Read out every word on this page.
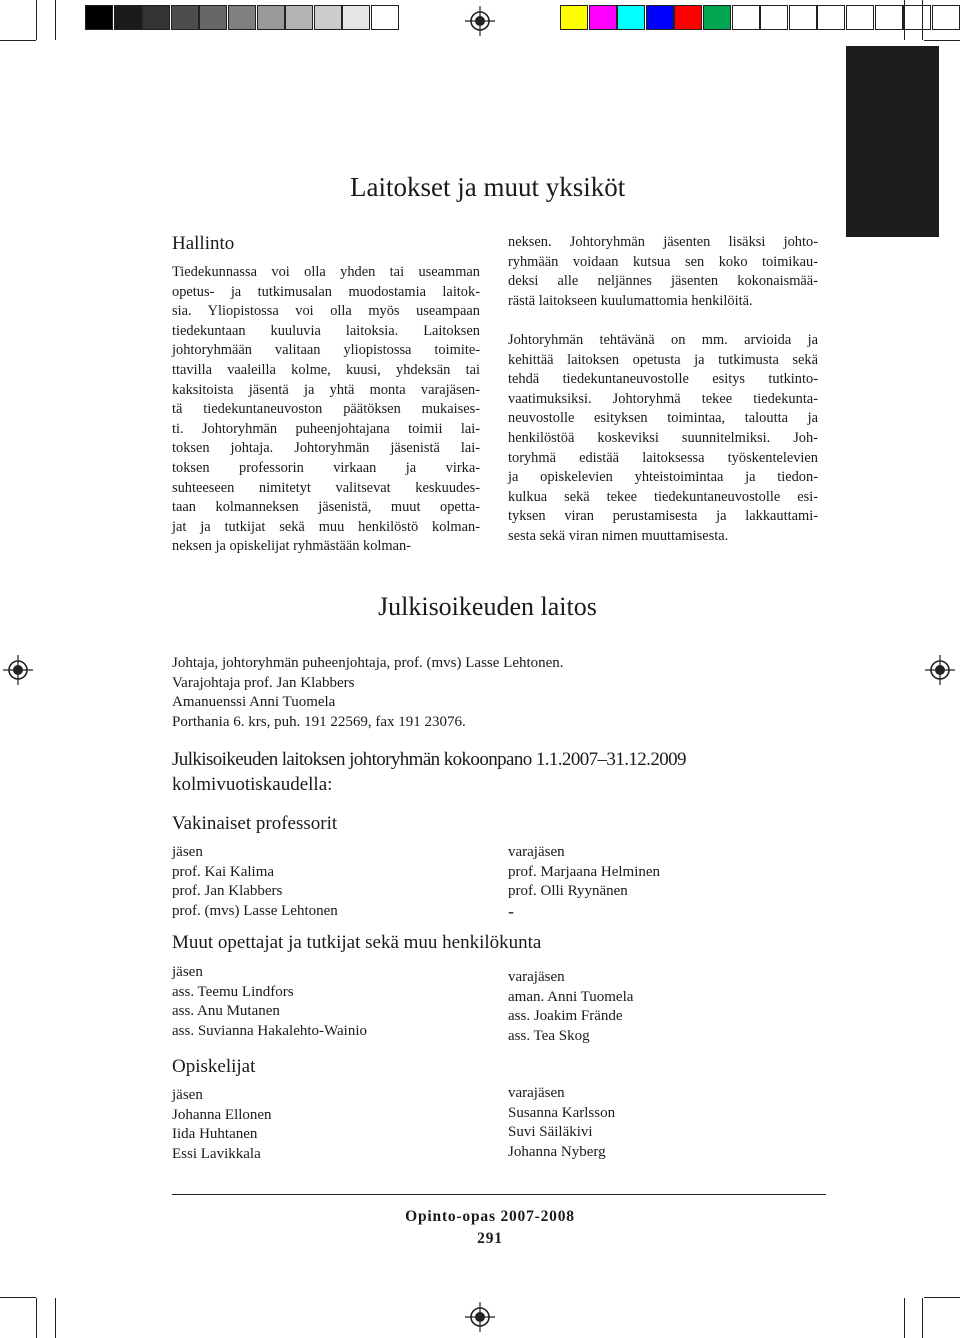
Laitokset ja muut yksiköt
Hallinto
Tiedekunnassa voi olla yhden tai useamman
opetus- ja tutkimusalan muodostamia laitok-
sia. Yliopistossa voi olla myös useampaan
tiedekuntaan kuuluvia laitoksia. Laitoksen
johtoryhmään valitaan yliopistossa toimite-
ttavilla vaaleilla kolme, kuusi, yhdeksän tai
kaksitoista jäsentä ja yhtä monta varajäsen-
tä tiedekuntaneuvoston päätöksen mukaises-
ti. Johtoryhmän puheenjohtajana toimii lai-
toksen johtaja. Johtoryhmän jäsenistä lai-
toksen professorin virkaan ja virka-
suhteeseen nimitetyt valitsevat keskuudes-
taan kolmanneksen jäsenistä, muut opetta-
jat ja tutkijat sekä muu henkilöstö kolman-
neksen ja opiskelijat ryhmästään kolman-
neksen. Johtoryhmän jäsenten lisäksi johto-
ryhmään voidaan kutsua sen koko toimikau-
deksi alle neljännes jäsenten kokonaismää-
rästä laitokseen kuulumattomia henkilöitä.
Johtoryhmän tehtävänä on mm. arvioida ja
kehittää laitoksen opetusta ja tutkimusta sekä
tehdä tiedekuntaneuvostolle esitys tutkinto-
vaatimuksiksi. Johtoryhmä tekee tiedekunta-
neuvostolle esityksen toimintaa, taloutta ja
henkilöstöä koskeviksi suunnitelmiksi. Joh-
toryhmä edistää laitoksessa työskentelevien
ja opiskelevien yhteistoimintaa ja tiedon-
kulkua sekä tekee tiedekuntaneuvostolle esi-
tyksen viran perustamisesta ja lakkauttami-
sesta sekä viran nimen muuttamisesta.
Julkisoikeuden laitos
Johtaja, johtoryhmän puheenjohtaja, prof. (mvs) Lasse Lehtonen.
Varajohtaja prof. Jan Klabbers
Amanuenssi Anni Tuomela
Porthania 6. krs, puh. 191 22569, fax 191 23076.
Julkisoikeuden laitoksen johtoryhmän kokoonpano 1.1.2007–31.12.2009
kolmivuotiskaudella:
Vakinaiset professorit
jäsen
prof. Kai Kalima
prof. Jan Klabbers
prof. (mvs) Lasse Lehtonen
varajäsen
prof. Marjaana Helminen
prof. Olli Ryynänen
-
Muut opettajat ja tutkijat sekä muu henkilökunta
jäsen
ass. Teemu Lindfors
ass. Anu Mutanen
ass. Suvianna Hakalehto-Wainio
varajäsen
aman. Anni Tuomela
ass. Joakim Frände
ass. Tea Skog
Opiskelijat
jäsen
Johanna Ellonen
Iida Huhtanen
Essi Lavikkala
varajäsen
Susanna Karlsson
Suvi Säiläkivi
Johanna Nyberg
Opinto-opas 2007-2008
291
